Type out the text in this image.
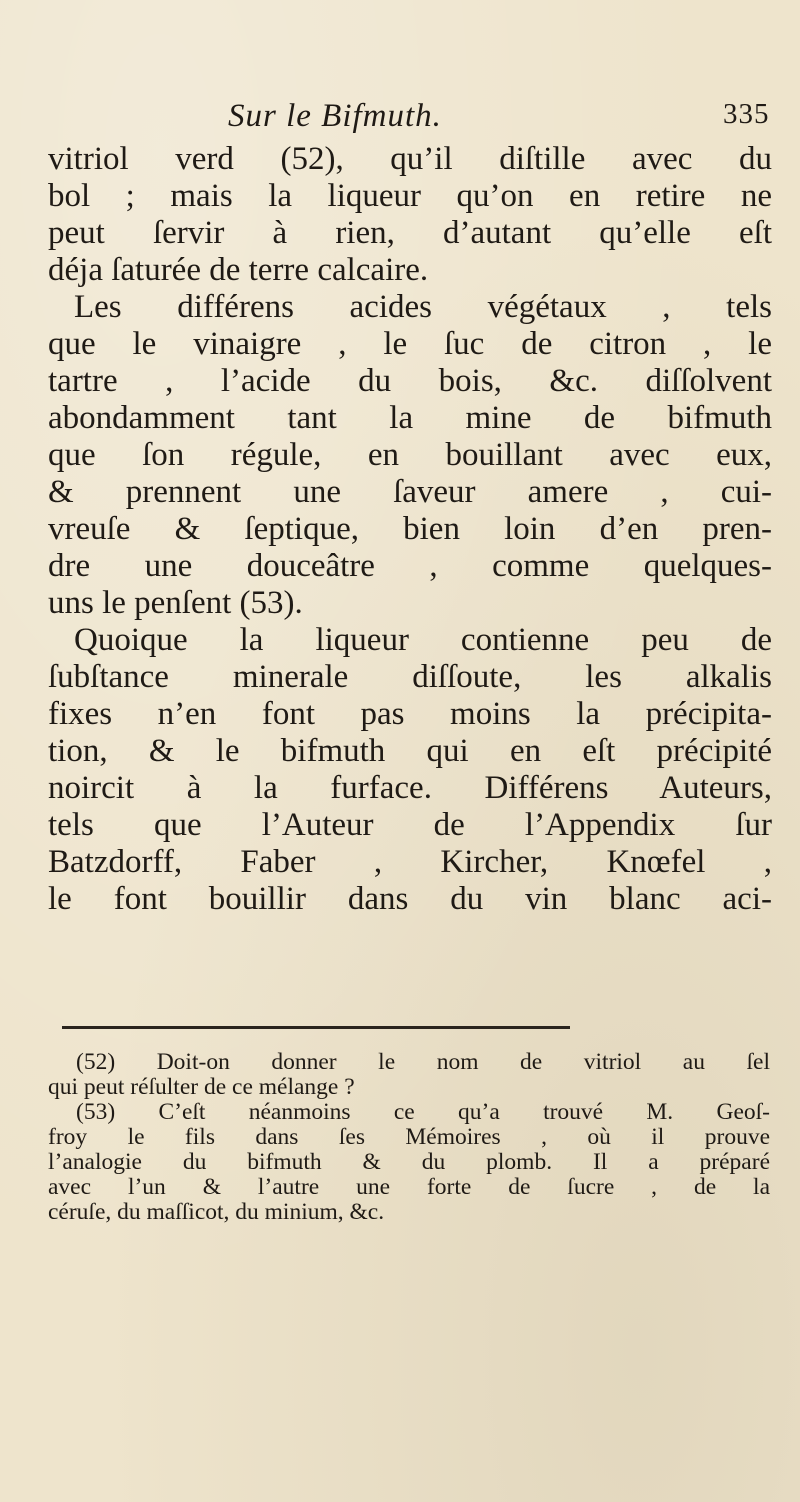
Sur le Bifmuth.	335
vitriol verd (52), qu’il diſtille avec du
bol ; mais la liqueur qu’on en retire ne
peut ſervir à rien, d’autant qu’elle eſt
déja ſaturée de terre calcaire.
Les différens acides végétaux , tels
que le vinaigre , le ſuc de citron , le
tartre , l’acide du bois, &c. diſſolvent
abondamment tant la mine de bifmuth
que ſon régule, en bouillant avec eux,
& prennent une ſaveur amere , cui-
vreuſe & ſeptique, bien loin d’en pren-
dre une douceâtre , comme quelques-
uns le penſent (53).
Quoique la liqueur contienne peu de
ſubſtance minerale diſſoute, les alkalis
fixes n’en font pas moins la précipita-
tion, & le bifmuth qui en eſt précipité
noircit à la furface. Différens Auteurs,
tels que l’Auteur de l’Appendix ſur
Batzdorff, Faber , Kircher, Knœfel ,
le font bouillir dans du vin blanc aci-
(52) Doit-on donner le nom de vitriol au ſel
qui peut réſulter de ce mélange ?
(53) C’eſt néanmoins ce qu’a trouvé M. Geoſ-
froy le fils dans ſes Mémoires , où il prouve
l’analogie du bifmuth & du plomb. Il a préparé
avec l’un & l’autre une forte de ſucre , de la
céruſe, du maſſicot, du minium, &c.
